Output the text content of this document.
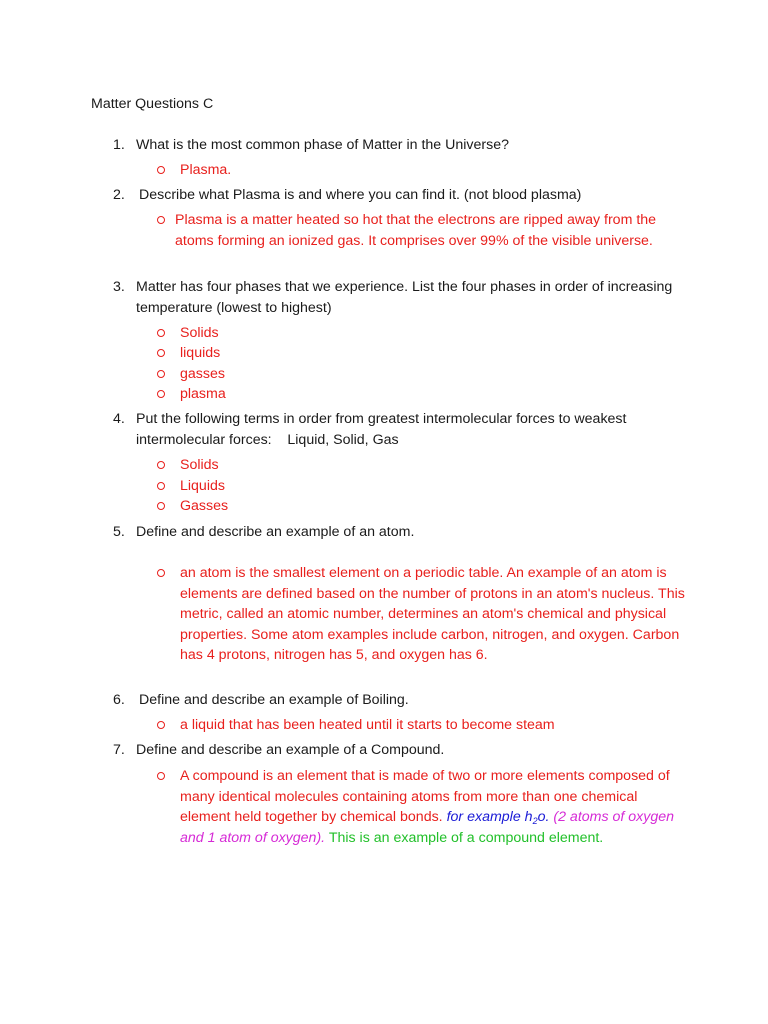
Matter Questions C
1. What is the most common phase of Matter in the Universe?
Plasma.
2. Describe what Plasma is and where you can find it. (not blood plasma)
Plasma is a matter heated so hot that the electrons are ripped away from the atoms forming an ionized gas. It comprises over 99% of the visible universe.
3. Matter has four phases that we experience. List the four phases in order of increasing temperature (lowest to highest)
Solids
liquids
gasses
plasma
4. Put the following terms in order from greatest intermolecular forces to weakest intermolecular forces:    Liquid, Solid, Gas
Solids
Liquids
Gasses
5. Define and describe an example of an atom.
an atom is the smallest element on a periodic table. An example of an atom is elements are defined based on the number of protons in an atom's nucleus. This metric, called an atomic number, determines an atom's chemical and physical properties. Some atom examples include carbon, nitrogen, and oxygen. Carbon has 4 protons, nitrogen has 5, and oxygen has 6.
6. Define and describe an example of Boiling.
a liquid that has been heated until it starts to become steam
7. Define and describe an example of a Compound.
A compound is an element that is made of two or more elements composed of many identical molecules containing atoms from more than one chemical element held together by chemical bonds. for example $h_2o$. (2 atoms of oxygen and 1 atom of oxygen). This is an example of a compound element.
